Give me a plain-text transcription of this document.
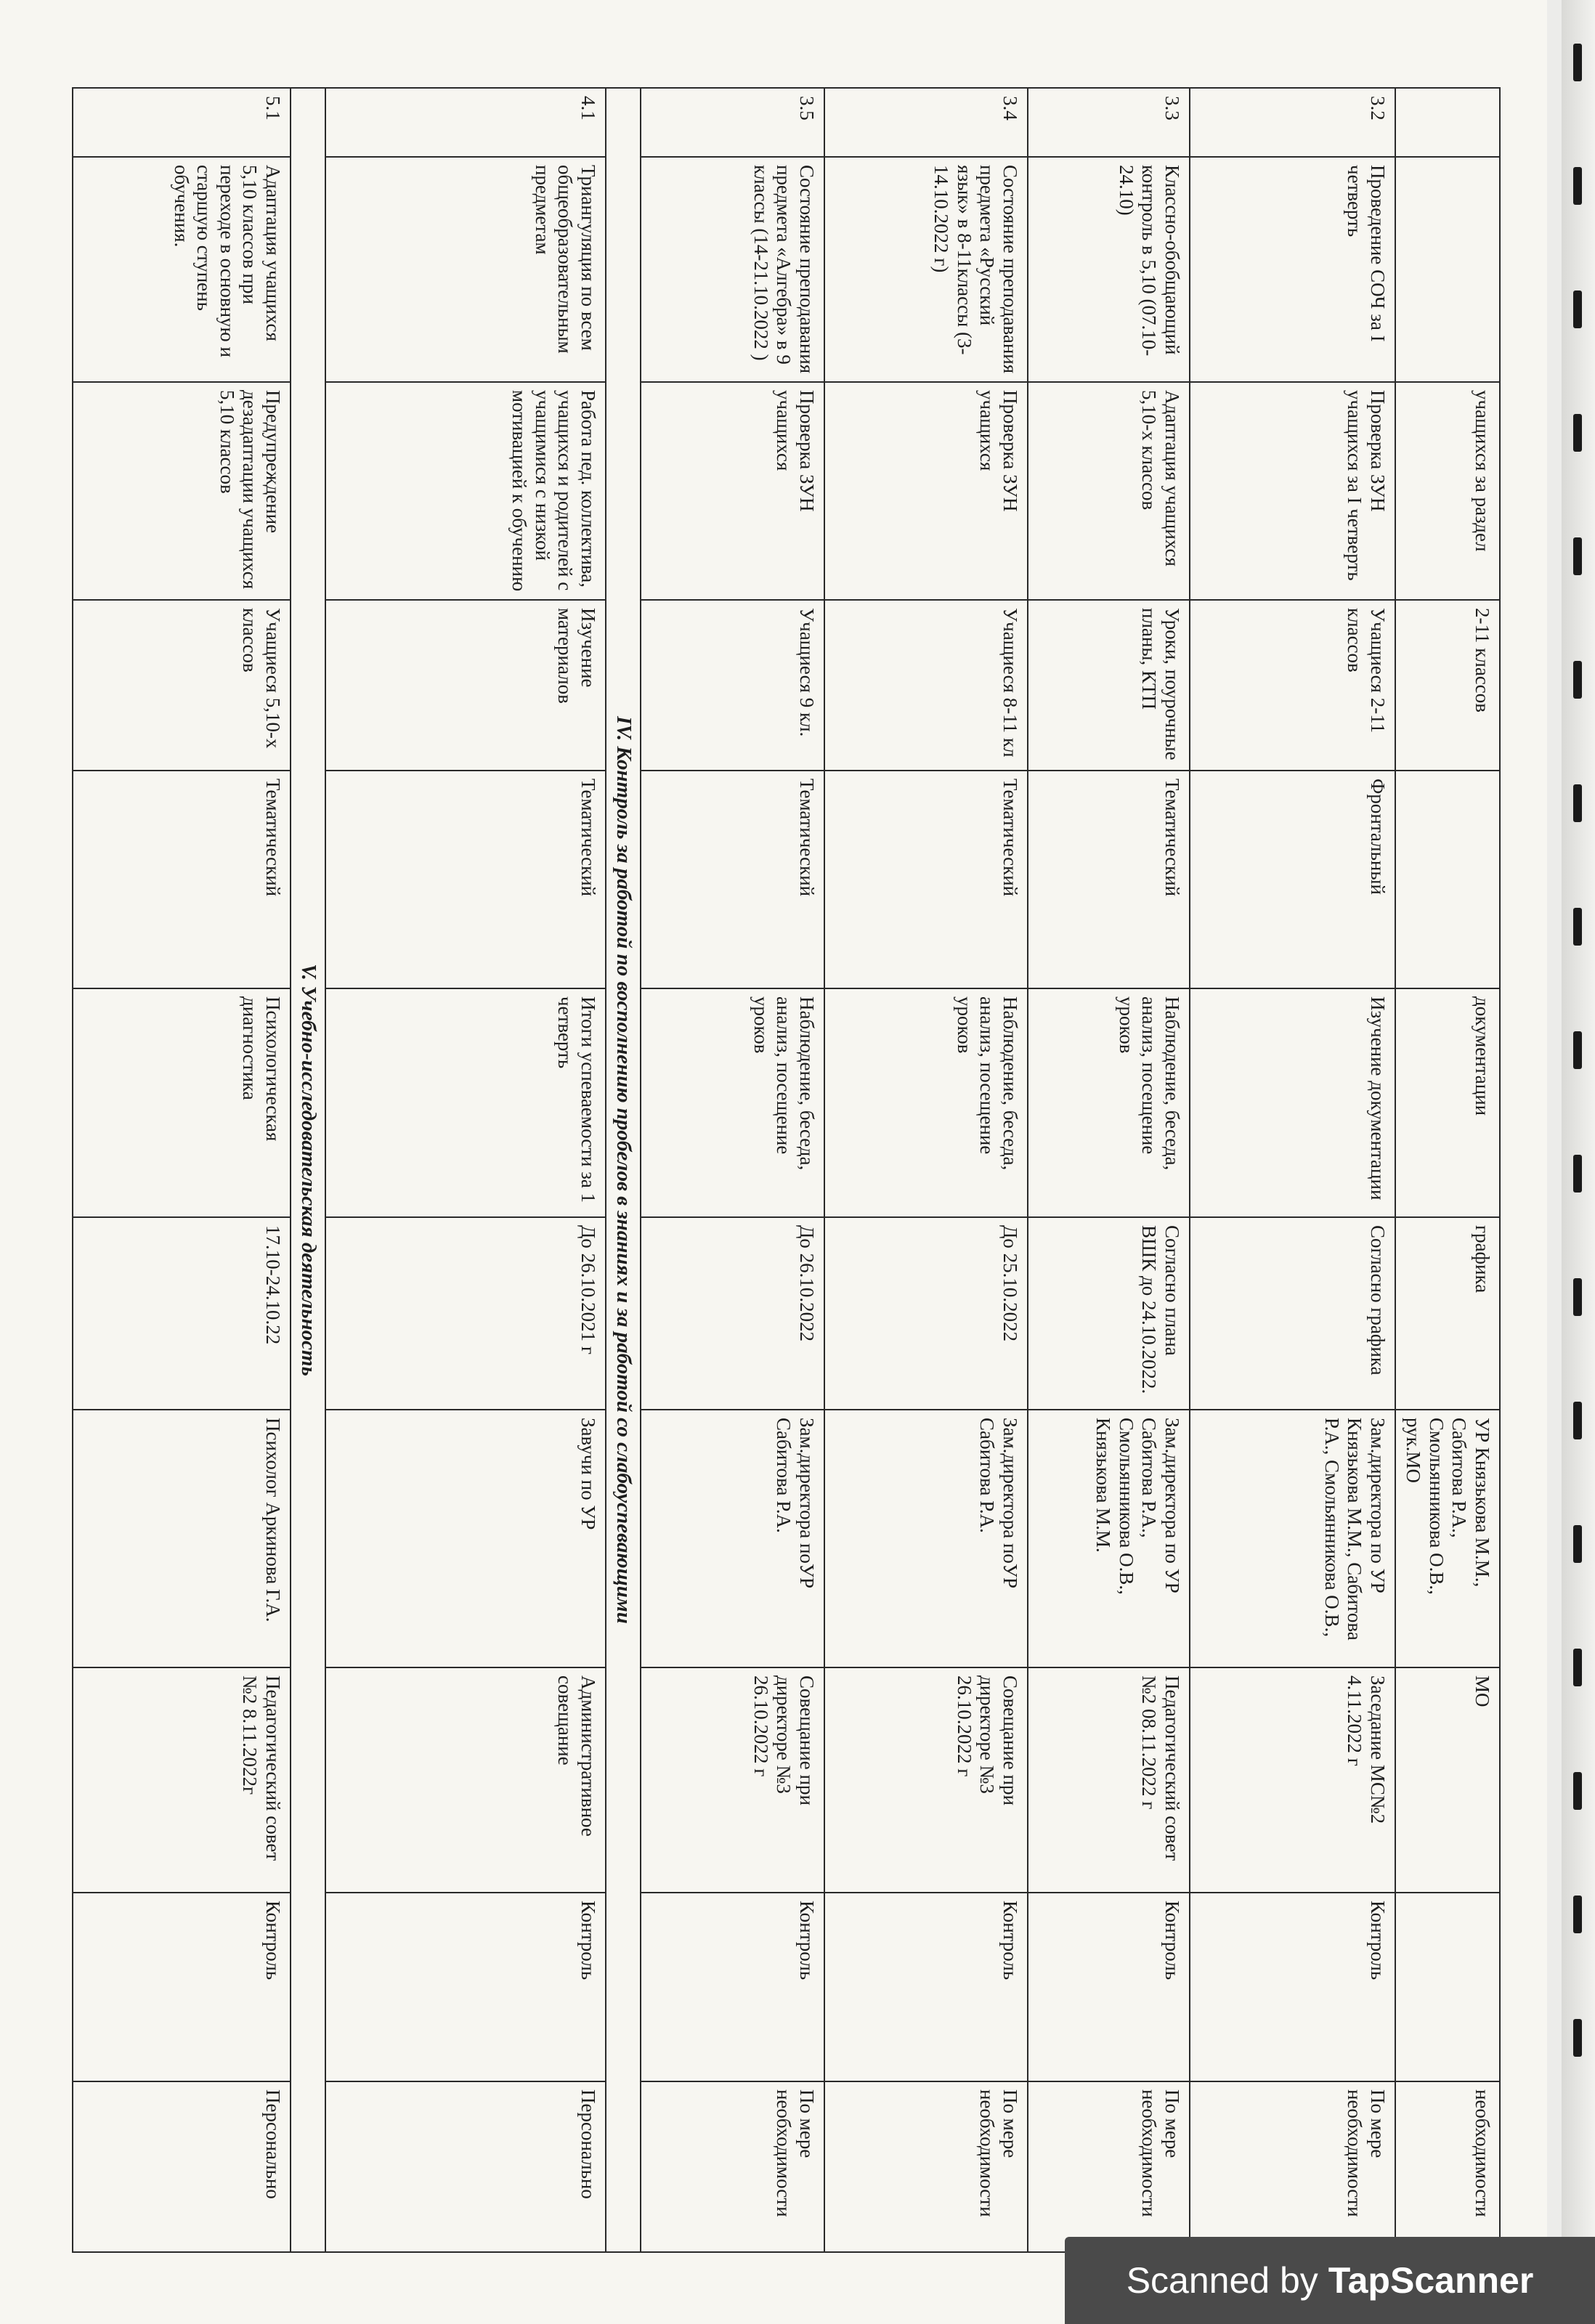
		учащихся за раздел	2-11 классов		документации	графика	УР Князькова М.М., Сабитова Р.А., Смольянникова О.В., рук.МО	МО		необходимости
3.2	Проведение СОЧ за I четверть	Проверка ЗУН учащихся за I четверть	Учащиеся 2-11 классов	Фронтальный	Изучение документации	Согласно графика	Зам.директора по УР Князькова М.М., Сабитова Р.А., Смольянникова О.В.,	Заседание МС№2 4.11.2022 г	Контроль	По мере необходимости
3.3	Классно-обобщающий контроль в 5,10 (07.10-24.10)	Адаптация учащихся 5,10-х классов	Уроки, поурочные планы, КТП	Тематический	Наблюдение, беседа, анализ, посещение уроков	Согласно плана ВШК до 24.10.2022.	Зам.директора по УР Сабитова Р.А., Смольянникова О.В., Князькова М.М.	Педагогический совет №2 08.11.2022 г	Контроль	По мере необходимости
3.4	Состояние преподавания предмета «Русский язык» в 8-11классы (3-14.10.2022 г)	Проверка ЗУН учащихся	Учащиеся 8-11 кл	Тематический	Наблюдение, беседа, анализ, посещение уроков	До 25.10.2022	Зам.директора поУР Сабитова Р.А.	Совещание при директоре №3 26.10.2022 г	Контроль	По мере необходимости
3.5	Состояние преподавания предмета «Алгебра» в 9 классы (14-21.10.2022 )	Проверка ЗУН учащихся	Учащиеся 9 кл.	Тематический	Наблюдение, беседа, анализ, посещение уроков	До 26.10.2022	Зам.директора поУР Сабитова Р.А.	Совещание при директоре №3 26.10.2022 г	Контроль	По мере необходимости
IV. Контроль за работой по восполнению пробелов в знаниях и за работой со слабоуспевающими										
4.1	Триангуляция по всем общеобразовательным предметам	Работа пед. коллектива, учащихся и родителей с учащимися с низкой мотивацией к обучению	Изучение материалов	Тематический	Итоги успеваемости за 1 четверть	До 26.10.2021 г	Завучи по УР	Административное совещание	Контроль	Персонально
V. Учебно-исследовательская деятельность										
5.1	Адаптация учащихся 5,10 классов при переходе в основную и старшую ступень обучения.	Предупреждение дезадаптации учащихся 5,10 классов	Учащиеся 5,10-х классов	Тематический	Психологическая диагностика	17.10-24.10.22	Психолог Аркинова Г.А.	Педагогический совет №2 8.11.2022г	Контроль	Персонально
Scanned by TapScanner
